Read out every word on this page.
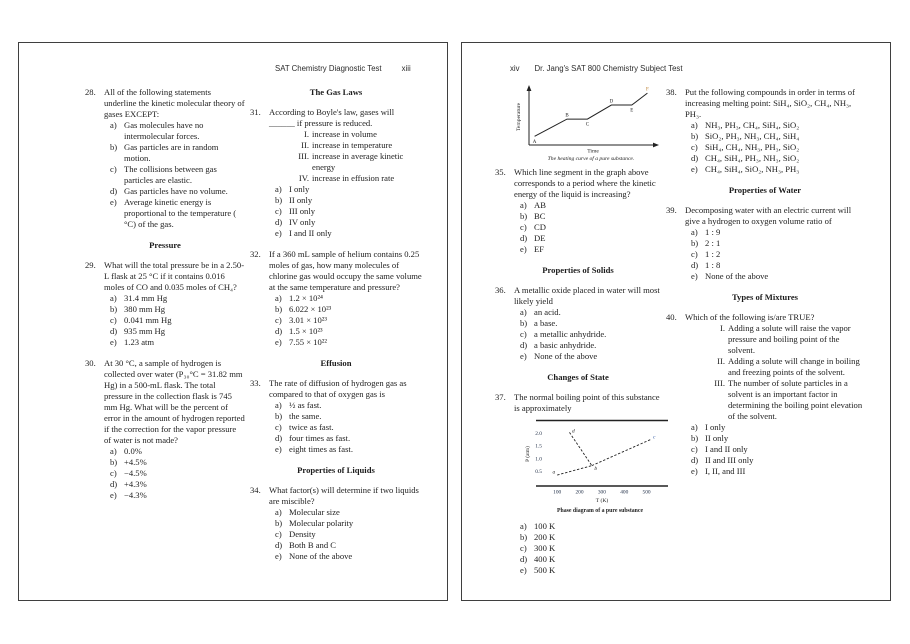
SAT Chemistry Diagnostic Test	xiii
28. All of the following statements underline the kinetic molecular theory of gases EXCEPT:
a) Gas molecules have no intermolecular forces.
b) Gas particles are in random motion.
c) The collisions between gas particles are elastic.
d) Gas particles have no volume.
e) Average kinetic energy is proportional to the temperature ( °C) of the gas.
Pressure
29. What will the total pressure be in a 2.50-L flask at 25 °C if it contains 0.016 moles of CO and 0.035 moles of CH₄?
a) 31.4 mm Hg
b) 380 mm Hg
c) 0.041 mm Hg
d) 935 mm Hg
e) 1.23 atm
30. At 30 °C, a sample of hydrogen is collected over water (P₃₀°C = 31.82 mm Hg) in a 500-mL flask. The total pressure in the collection flask is 745 mm Hg. What will be the percent of error in the amount of hydrogen reported if the correction for the vapor pressure of water is not made?
a) 0.0%
b) +4.5%
c) −4.5%
d) +4.3%
e) −4.3%
The Gas Laws
31. According to Boyle's law, gases will ______ if pressure is reduced.
I. increase in volume
II. increase in temperature
III. increase in average kinetic energy
IV. increase in effusion rate
a) I only
b) II only
c) III only
d) IV only
e) I and II only
32. If a 360 mL sample of helium contains 0.25 moles of gas, how many molecules of chlorine gas would occupy the same volume at the same temperature and pressure?
a) 1.2 × 10²⁴
b) 6.022 × 10²³
c) 3.01 × 10²³
d) 1.5 × 10²³
e) 7.55 × 10²²
Effusion
33. The rate of diffusion of hydrogen gas as compared to that of oxygen gas is
a) ½ as fast.
b) the same.
c) twice as fast.
d) four times as fast.
e) eight times as fast.
Properties of Liquids
34. What factor(s) will determine if two liquids are miscible?
a) Molecular size
b) Molecular polarity
c) Density
d) Both B and C
e) None of the above
xiv Dr. Jang's SAT 800 Chemistry Subject Test
Temperature
A
B
C
D
E
F
Time
The heating curve of a pure substance.
35. Which line segment in the graph above corresponds to a period where the kinetic energy of the liquid is increasing?
a) AB
b) BC
c) CD
d) DE
e) EF
Properties of Solids
36. A metallic oxide placed in water will most likely yield
a) an acid.
b) a base.
c) a metallic anhydride.
d) a basic anhydride.
e) None of the above
Changes of State
37. The normal boiling point of this substance is approximately
2.0
1.5
1.0
0.5
100	200	300	400	500
a
b
c
d
T (K)
P (atm)
Phase diagram of a pure substance
a) 100 K
b) 200 K
c) 300 K
d) 400 K
e) 500 K
38. Put the following compounds in order in terms of increasing melting point: SiH₄, SiO₂, CH₄, NH₃, PH₃.
a) NH₃, PH₃, CH₄, SiH₄, SiO₂
b) SiO₂, PH₃, NH₃, CH₄, SiH₄
c) SiH₄, CH₄, NH₃, PH₃, SiO₂
d) CH₄, SiH₄, PH₃, NH₃, SiO₂
e) CH₄, SiH₄, SiO₂, NH₃, PH₃
Properties of Water
39. Decomposing water with an electric current will give a hydrogen to oxygen volume ratio of
a) 1 : 9
b) 2 : 1
c) 1 : 2
d) 1 : 8
e) None of the above
Types of Mixtures
40. Which of the following is/are TRUE?
I. Adding a solute will raise the vapor pressure and boiling point of the solvent.
II. Adding a solute will change in boiling and freezing points of the solvent.
III. The number of solute particles in a solvent is an important factor in determining the boiling point elevation of the solvent.
a) I only
b) II only
c) I and II only
d) II and III only
e) I, II, and III
